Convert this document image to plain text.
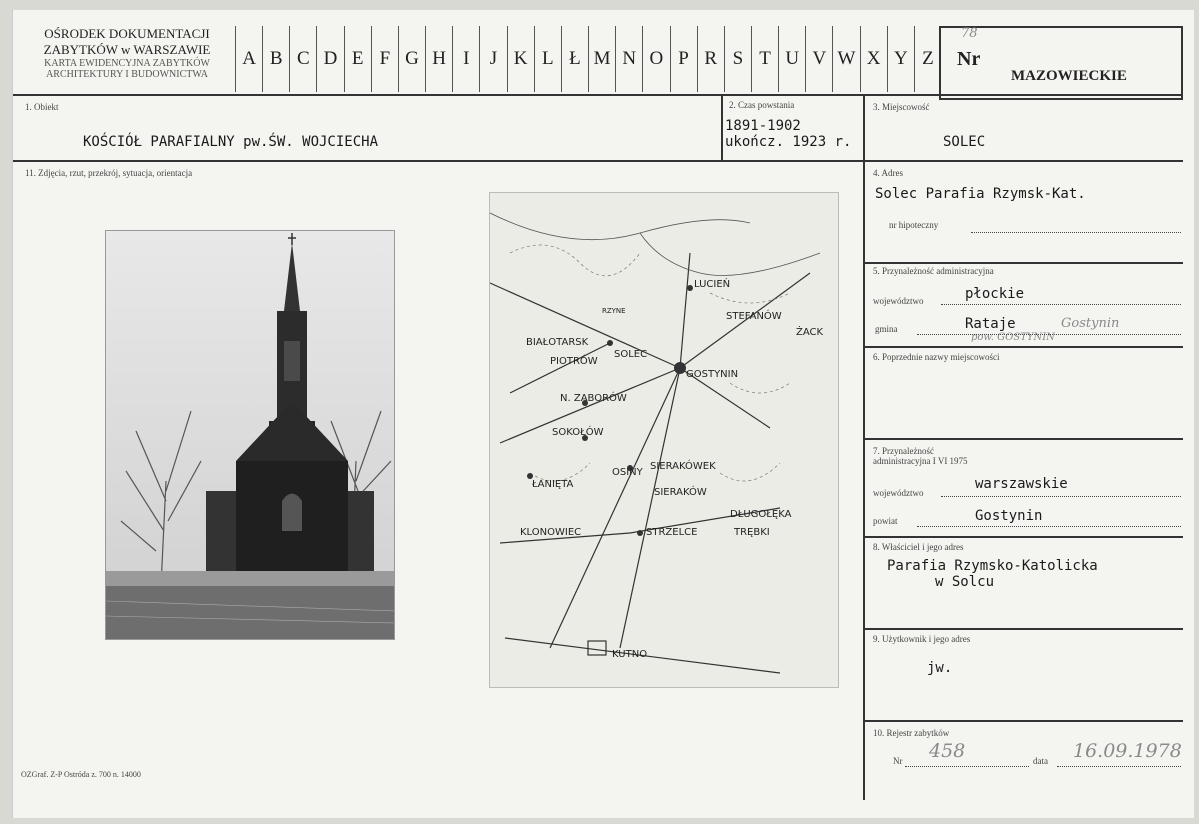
OŚRODEK DOKUMENTACJI
ZABYTKÓW w WARSZAWIE
KARTA EWIDENCYJNA ZABYTKÓW
ARCHITEKTURY I BUDOWNICTWA
A B C D E F G H I	J K L Ł M N O P R S T U V W X Y Z	Nr
78
MAZOWIECKIE
1. Obiekt
KOŚCIÓŁ PARAFIALNY pw.ŚW. WOJCIECHA
2. Czas powstania
1891-1902
ukończ. 1923 r.
3. Miejscowość
SOLEC
11. Zdjęcia, rzut, przekrój, sytuacja, orientacja
LUCIEŃ
STEFANÓW
ŻACK
BIAŁOTARSK
PIOTRÓW
SOLEC
GOSTYNIN
N. ZABORÓW
SOKOŁÓW
OSINY
SIERAKÓWEK
SIERAKÓW
ŁANIĘTA
DŁUGOŁĘKA
KLONOWIEC	STRZELCE	TRĘBKI
KUTNO
RZYNE
4. Adres
Solec Parafia Rzymsk-Kat.
nr hipoteczny
5. Przynależność administracyjna
województwo	płockie
gmina	Rataje	Gostynin
pow. GOSTYNIN
6. Poprzednie nazwy miejscowości
7. Przynależność administracyjna I VI 1975
województwo
warszawskie
powiat	Gostynin
8. Właściciel i jego adres
Parafia Rzymsko-Katolicka
w Solcu
9. Użytkownik i jego adres
jw.
10. Rejestr zabytków
Nr 458	data 16.09.1978
OZGraf. Z-P Ostróda z. 700 n. 14000
